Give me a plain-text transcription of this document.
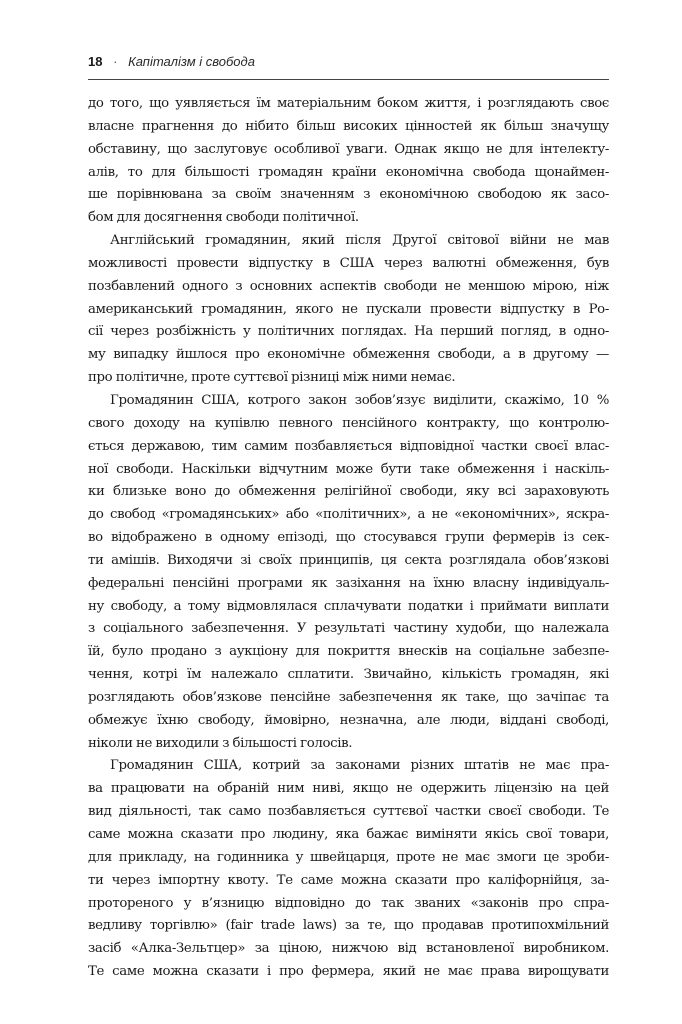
18 · Капіталізм і свобода
до того, що уявляється їм матеріальним боком життя, і розглядають своє
власне прагнення до нібито більш високих цінностей як більш значущу
обставину, що заслуговує особливої уваги. Однак якщо не для інтелекту-
алів, то для більшості громадян країни економічна свобода щонаймен-
ше порівнювана за своїм значенням з економічною свободою як засо-
бом для досягнення свободи політичної.
Англійський громадянин, який після Другої світової війни не мав
можливості провести відпустку в США через валютні обмеження, був
позбавлений одного з основних аспектів свободи не меншою мірою, ніж
американський громадянин, якого не пускали провести відпустку в Ро-
сії через розбіжність у політичних поглядах. На перший погляд, в одно-
му випадку йшлося про економічне обмеження свободи, а в другому —
про політичне, проте суттєвої різниці між ними немає.
Громадянин США, котрого закон зобов’язує виділити, скажімо, 10 %
свого доходу на купівлю певного пенсійного контракту, що контролю-
ється державою, тим самим позбавляється відповідної частки своєї влас-
ної свободи. Наскільки відчутним може бути таке обмеження і наскіль-
ки близьке воно до обмеження релігійної свободи, яку всі зараховують
до свобод «громадянських» або «політичних», а не «економічних», яскра-
во відображено в одному епізоді, що стосувався групи фермерів із сек-
ти амішів. Виходячи зі своїх принципів, ця секта розглядала обов’язкові
федеральні пенсійні програми як зазіхання на їхню власну індивідуаль-
ну свободу, а тому відмовлялася сплачувати податки і приймати виплати
з соціального забезпечення. У результаті частину худоби, що належала
їй, було продано з аукціону для покриття внесків на соціальне забезпе-
чення, котрі їм належало сплатити. Звичайно, кількість громадян, які
розглядають обов’язкове пенсійне забезпечення як таке, що зачіпає та
обмежує їхню свободу, ймовірно, незначна, але люди, віддані свободі,
ніколи не виходили з більшості голосів.
Громадянин США, котрий за законами різних штатів не має пра-
ва працювати на обраній ним ниві, якщо не одержить ліцензію на цей
вид діяльності, так само позбавляється суттєвої частки своєї свободи. Те
саме можна сказати про людину, яка бажає виміняти якісь свої товари,
для прикладу, на годинника у швейцарця, проте не має змоги це зроби-
ти через імпортну квоту. Те саме можна сказати про каліфорнійця, за-
протореного у в’язницю відповідно до так званих «законів про спра-
ведливу торгівлю» (fair trade laws) за те, що продавав протипохмільний
засіб «Алка-Зельтцер» за ціною, нижчою від встановленої виробником.
Те саме можна сказати і про фермера, який не має права вирощувати
